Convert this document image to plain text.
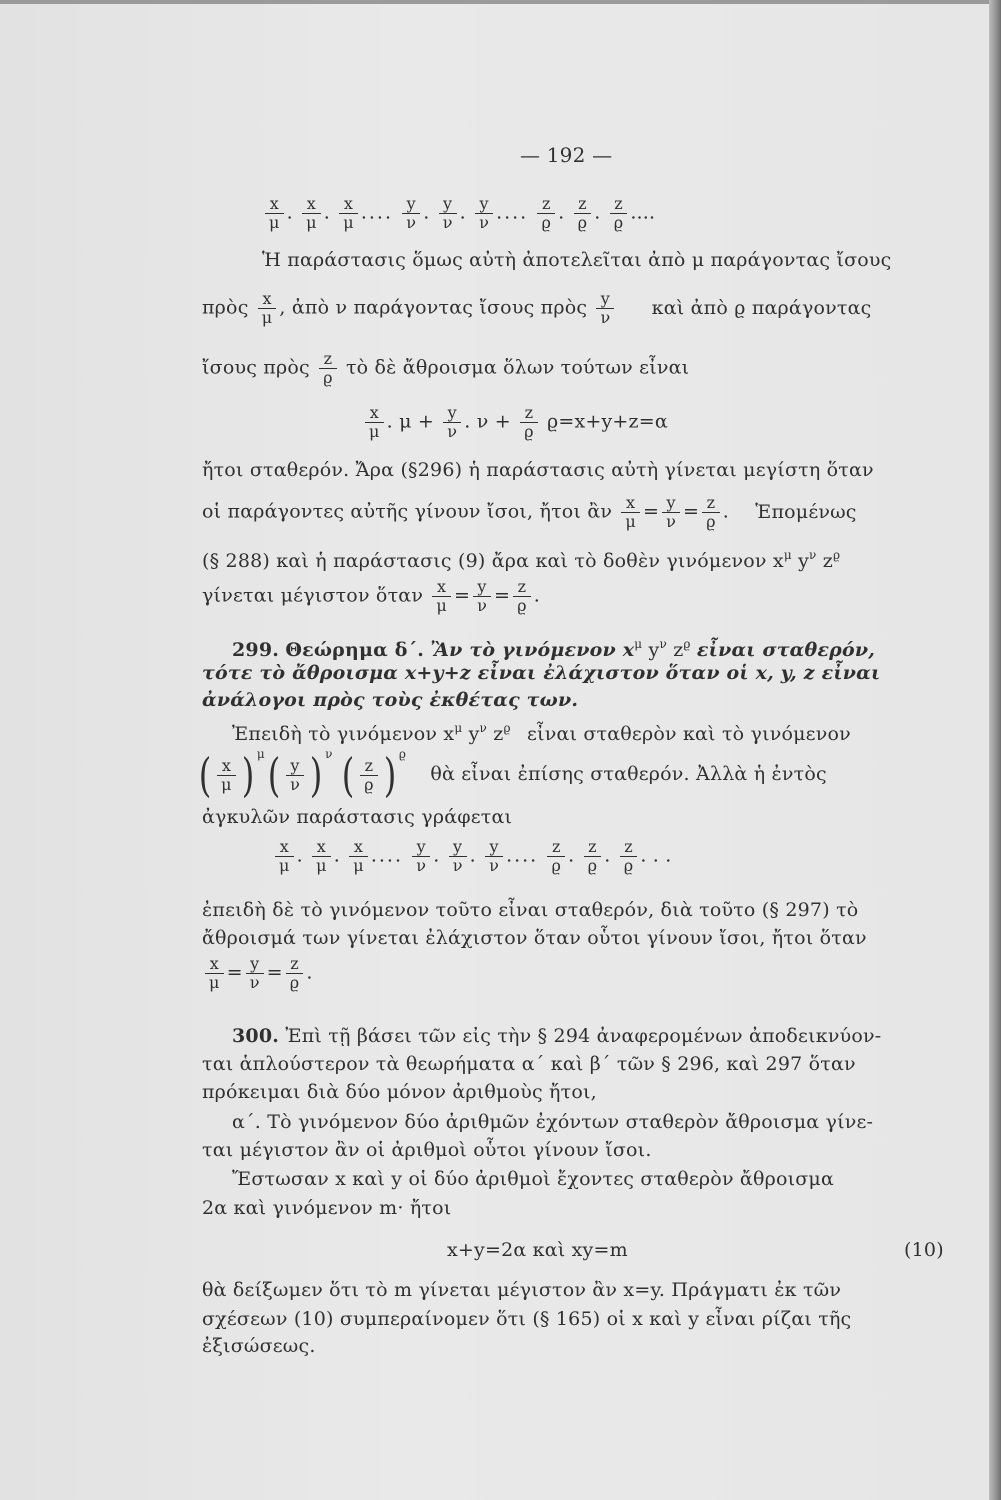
— 192 —
$\frac{x}{\mu}$ . $\frac{x}{\mu}$ . $\frac{x}{\mu}$ .... $\frac{y}{\nu}$ . $\frac{y}{\nu}$ . $\frac{y}{\nu}$ .... $\frac{z}{ϱ}$ . $\frac{z}{ϱ}$ . $\frac{z}{ϱ}$ ....
Ἡ παράστασις ὅμως αὐτὴ ἀποτελεῖται ἀπὸ μ παράγοντας ἴσους
πρὸς $\frac{x}{\mu}$ , ἀπὸ ν παράγοντας ἴσους πρὸς $\frac{y}{\nu}$ καὶ ἀπὸ ϱ παράγοντας
ἴσους πρὸς $\frac{z}{ϱ}$ τὸ δὲ ἄθροισμα ὅλων τούτων εἶναι
$\frac{x}{\mu}$ . $\mu + \frac{y}{\nu}$ . $\nu + \frac{z}{ϱ} ϱ=x+y+z=\alpha$
ἤτοι σταθερόν. Ἄρα (§296) ἡ παράστασις αὐτὴ γίνεται μεγίστη ὅταν
οἱ παράγοντες αὐτῆς γίνουν ἴσοι, ἤτοι ἂν $\frac{x}{\mu} = \frac{y}{\nu} = \frac{z}{ϱ}$ . Ἑπομένως
(§ 288) καὶ ἡ παράστασις (9) ἄρα καὶ τὸ δοθὲν γινόμενον $x^\mu$ $y^\nu$ $z^ϱ$
γίνεται μέγιστον ὅταν $\frac{x}{\mu} = \frac{y}{\nu} = \frac{z}{ϱ}$ .
299. Θεώρημα δ΄. Ἂν τὸ γινόμενον $x^\mu$ $y^\nu$ $z^ϱ$ εἶναι σταθερόν,
τότε τὸ ἄθροισμα x+y+z εἶναι ἐλάχιστον ὅταν οἱ x, y, z εἶναι
ἀνάλογοι πρὸς τοὺς ἐκθέτας των.
Ἐπειδὴ τὸ γινόμενον $x^\mu$ $y^\nu$ $z^ϱ$ εἶναι σταθερὸν καὶ τὸ γινόμενον
( $\frac{x}{\mu}$ ) $^\mu( \frac{y}{\nu}$ ) $^\nu$ ( $\frac{z}{ϱ}$ ) $^ϱ$ θὰ εἶναι ἐπίσης σταθερόν. Ἀλλὰ ἡ ἐντὸς
ἀγκυλῶν παράστασις γράφεται
$\frac{x}{\mu}$ . $\frac{x}{\mu}$ . $\frac{x}{\mu}$ .... $\frac{y}{\nu}$ . $\frac{y}{\nu}$ . $\frac{y}{\nu}$ .... $\frac{z}{ϱ}$ . $\frac{z}{ϱ}$ . $\frac{z}{ϱ}$ . . .
ἐπειδὴ δὲ τὸ γινόμενον τοῦτο εἶναι σταθερόν, διὰ τοῦτο (§ 297) τὸ
ἄθροισμά των γίνεται ἐλάχιστον ὅταν οὗτοι γίνουν ἴσοι, ἤτοι ὅταν
$\frac{x}{\mu} = \frac{y}{\nu} = \frac{z}{ϱ}$ .
300. Ἐπὶ τῇ βάσει τῶν εἰς τὴν § 294 ἀναφερομένων ἀποδεικνύον-
ται ἁπλούστερον τὰ θεωρήματα α΄ καὶ β΄ τῶν § 296, καὶ 297 ὅταν
πρόκειμαι διὰ δύο μόνον ἀριθμοὺς ἤτοι,
α΄. Τὸ γινόμενον δύο ἀριθμῶν ἐχόντων σταθερὸν ἄθροισμα γίνε-
ται μέγιστον ἂν οἱ ἀριθμοὶ οὗτοι γίνουν ἴσοι.
Ἔστωσαν x καὶ y οἱ δύο ἀριθμοὶ ἔχοντες σταθερὸν ἄθροισμα
2α καὶ γινόμενον m· ἤτοι
x+y=2α καὶ xy=m	(10)
θὰ δείξωμεν ὅτι τὸ m γίνεται μέγιστον ἂν x=y. Πράγματι ἐκ τῶν
σχέσεων (10) συμπεραίνομεν ὅτι (§ 165) οἱ x καὶ y εἶναι ρίζαι τῆς
ἐξισώσεως.
